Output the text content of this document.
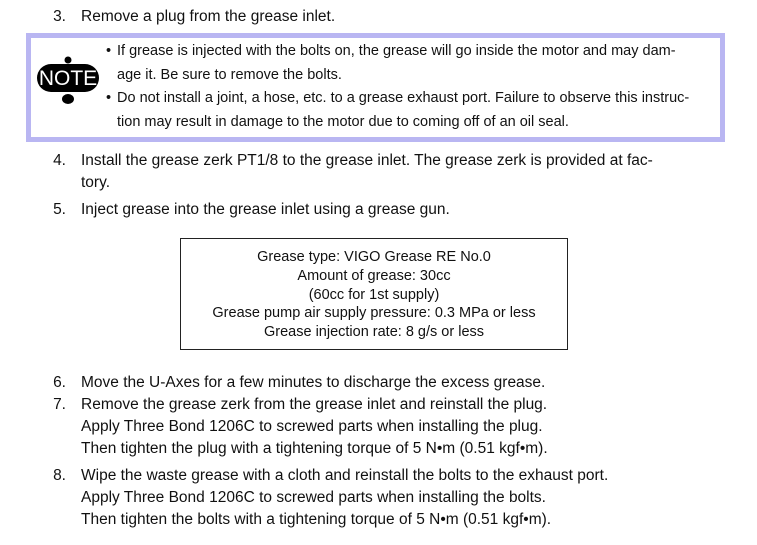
3. Remove a plug from the grease inlet.
NOTE
• If grease is injected with the bolts on, the grease will go inside the motor and may dam-
age it. Be sure to remove the bolts.
• Do not install a joint, a hose, etc. to a grease exhaust port. Failure to observe this instruc-
tion may result in damage to the motor due to coming off of an oil seal.
4. Install the grease zerk PT1/8 to the grease inlet. The grease zerk is provided at fac-
tory.
5. Inject grease into the grease inlet using a grease gun.
Grease type: VIGO Grease RE No.0
Amount of grease: 30cc
(60cc for 1st supply)
Grease pump air supply pressure: 0.3 MPa or less
Grease injection rate: 8 g/s or less
6. Move the U-Axes for a few minutes to discharge the excess grease.
7. Remove the grease zerk from the grease inlet and reinstall the plug.
Apply Three Bond 1206C to screwed parts when installing the plug.
Then tighten the plug with a tightening torque of 5 N•m (0.51 kgf•m).
8. Wipe the waste grease with a cloth and reinstall the bolts to the exhaust port.
Apply Three Bond 1206C to screwed parts when installing the bolts.
Then tighten the bolts with a tightening torque of 5 N•m (0.51 kgf•m).
